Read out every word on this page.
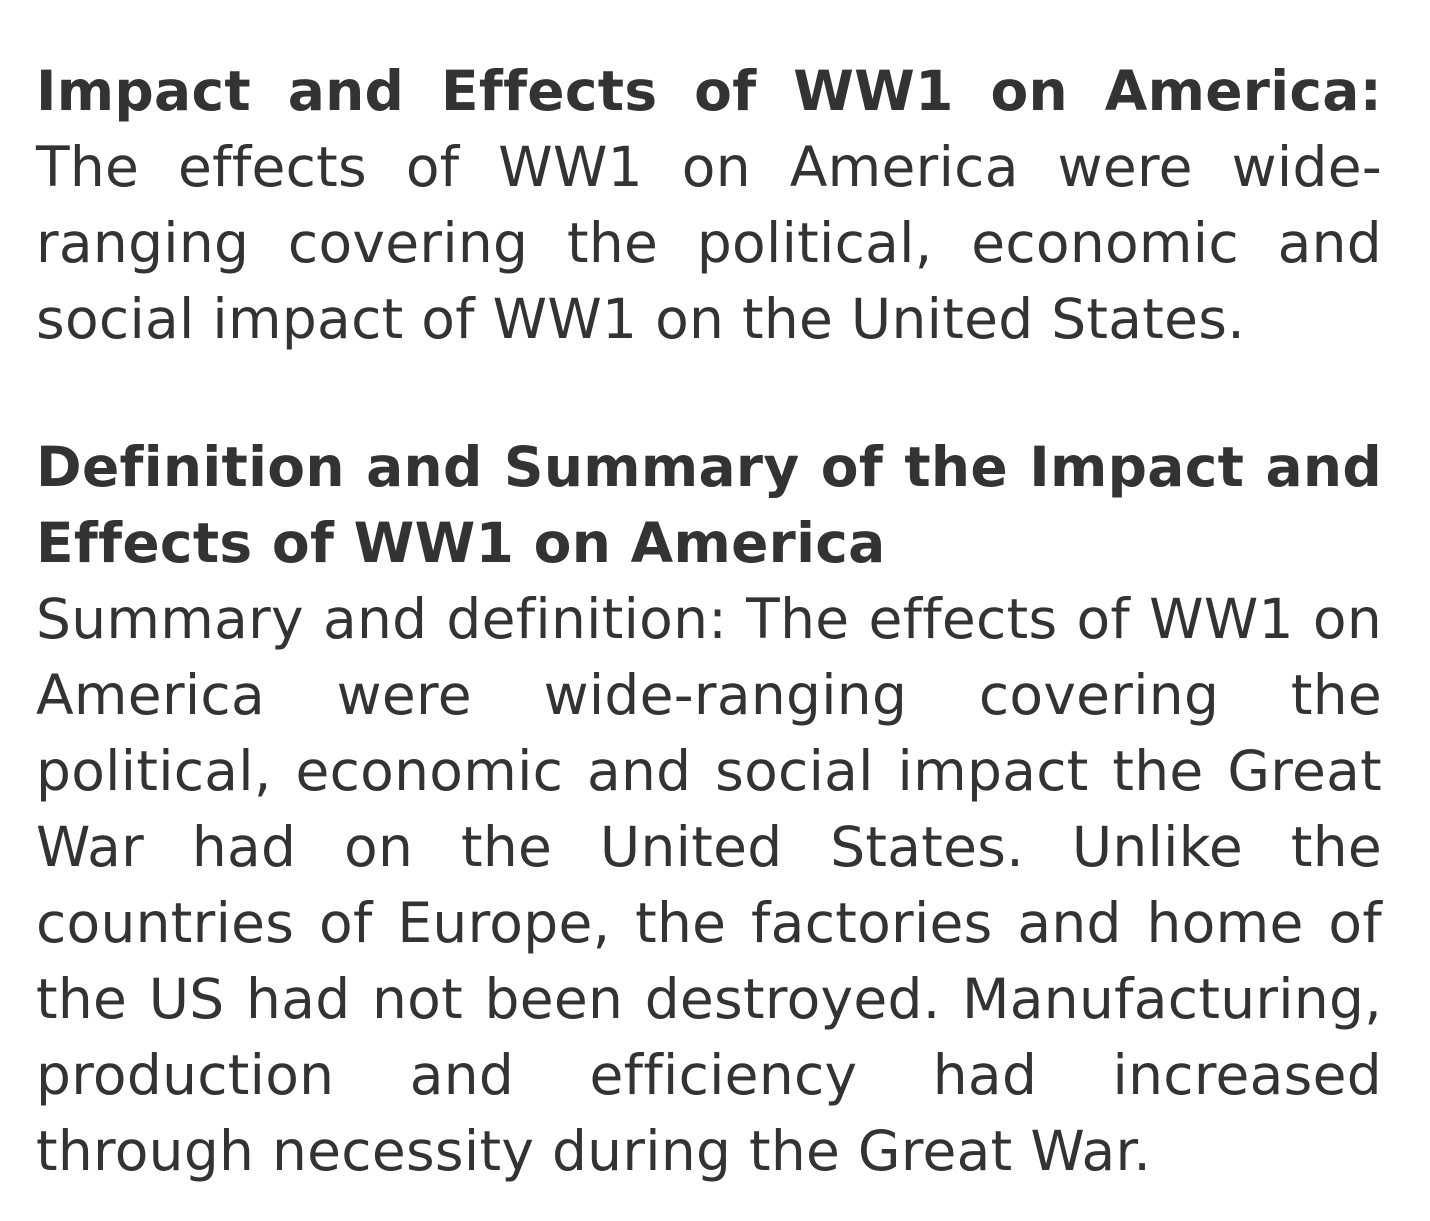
Impact and Effects of WW1 on America: The effects of WW1 on America were wide-ranging covering the political, economic and social impact of WW1 on the United States.

Definition and Summary of the Impact and Effects of WW1 on America

Summary and definition: The effects of WW1 on America were wide-ranging covering the political, economic and social impact the Great War had on the United States. Unlike the countries of Europe, the factories and home of the US had not been destroyed. Manufacturing, production and efficiency had increased through necessity during the Great War.
